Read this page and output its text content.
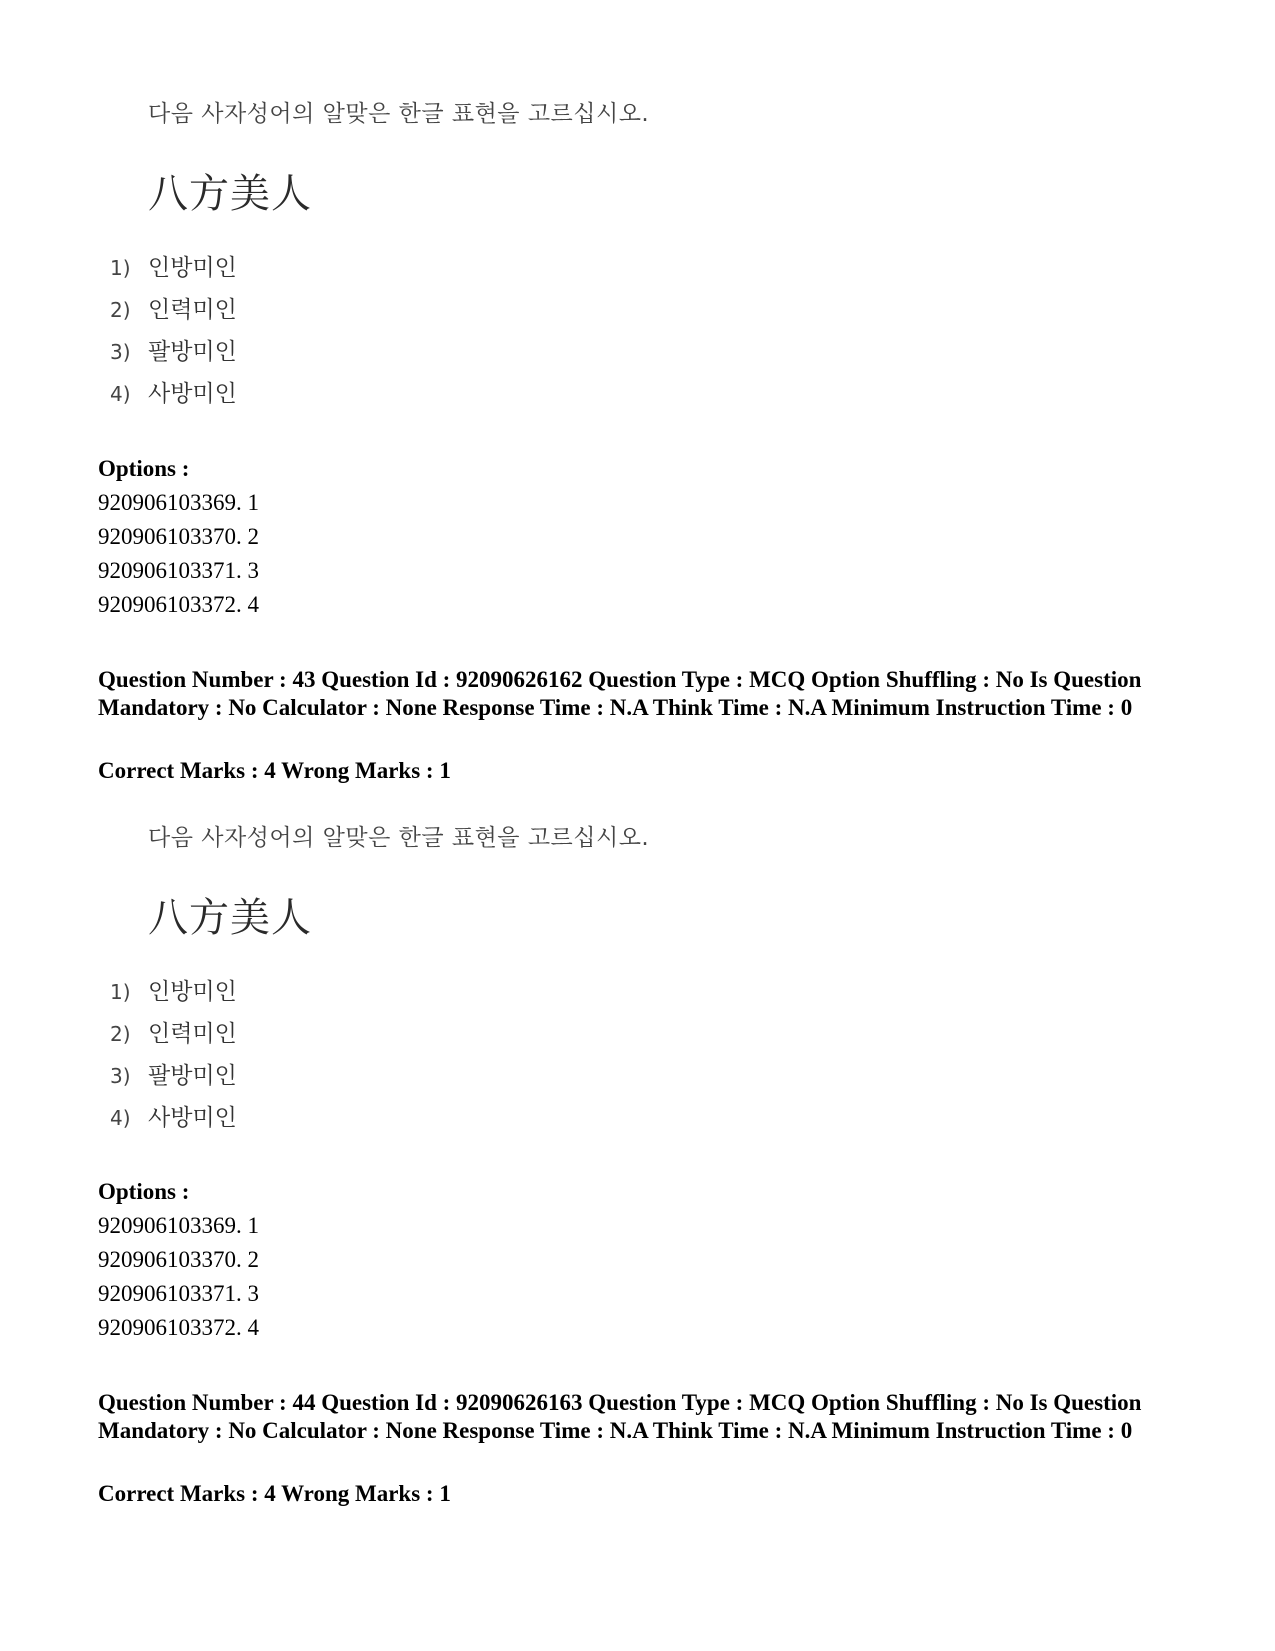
다음 사자성어의 알맞은 한글 표현을 고르십시오.
八方美人
1) 인방미인
2) 인력미인
3) 팔방미인
4) 사방미인
Options :
920906103369. 1
920906103370. 2
920906103371. 3
920906103372. 4
Question Number : 43 Question Id : 92090626162 Question Type : MCQ Option Shuffling : No Is Question Mandatory : No Calculator : None Response Time : N.A Think Time : N.A Minimum Instruction Time : 0
Correct Marks : 4 Wrong Marks : 1
다음 사자성어의 알맞은 한글 표현을 고르십시오.
八方美人
1) 인방미인
2) 인력미인
3) 팔방미인
4) 사방미인
Options :
920906103369. 1
920906103370. 2
920906103371. 3
920906103372. 4
Question Number : 44 Question Id : 92090626163 Question Type : MCQ Option Shuffling : No Is Question Mandatory : No Calculator : None Response Time : N.A Think Time : N.A Minimum Instruction Time : 0
Correct Marks : 4 Wrong Marks : 1
